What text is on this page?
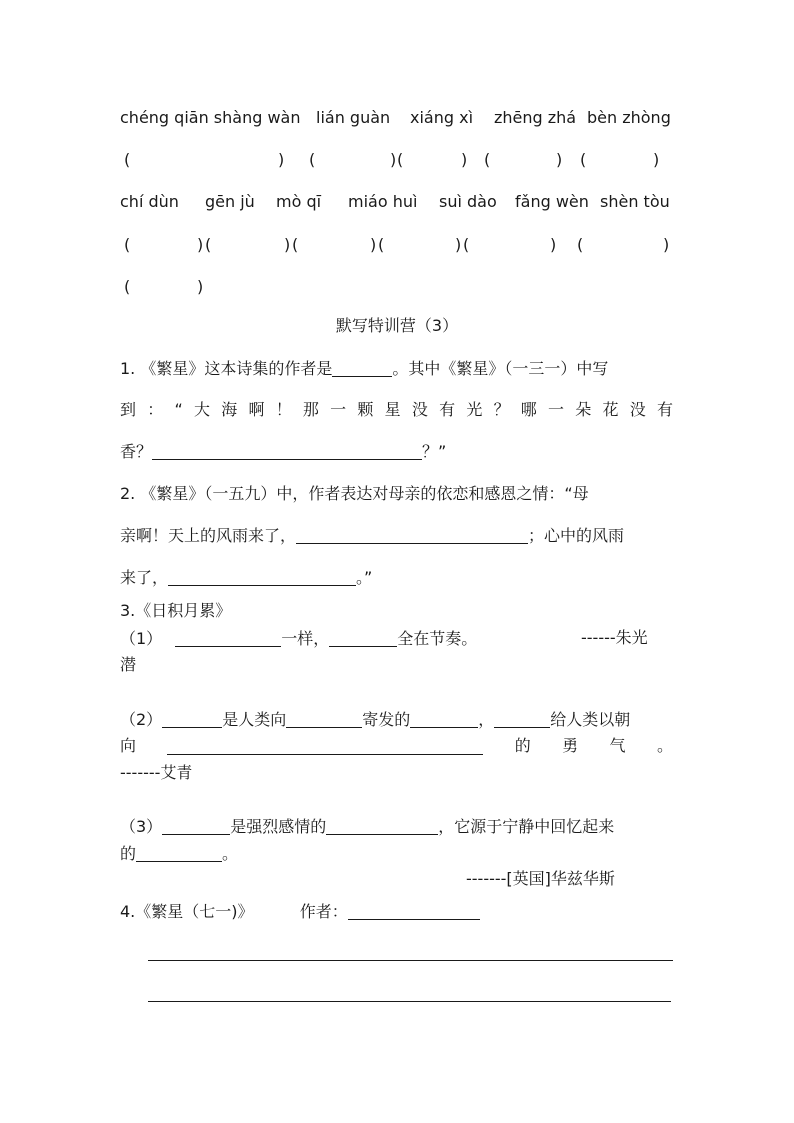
chéng qiān shàng wàn lián guàn xiáng xì zhēng zhá bèn zhòng
(	) (	) (	) (	) (	)
chí dùn gēn jù mò qī miáo huì suì dào fǎng wèn shèn tòu
(	) (	) (	) (	) (	) (	)
(	)
默写特训营（3）
1. 《繁星》这本诗集的作者是	。其中《繁星》（一三一）中写
到 ： “ 大 海 啊 ！ 那 一 颗 星 没 有 光 ？ 哪 一 朵 花 没 有
香？	？”
2. 《繁星》（一五九）中，作者表达对母亲的依恋和感恩之情：“母
亲啊！天上的风雨来了，	；心中的风雨
来了，	。”
3.《日积月累》
（1）	一样，	全在节奏。	------朱光
潜
（2）	是人类向	寄发的	，	给人类以朝
向	的 勇 气 。
-------艾青
（3）	是强烈感情的	，它源于宁静中回忆起来
的	。
-------[英国]华兹华斯
4.《繁星（七一)》	作者：
